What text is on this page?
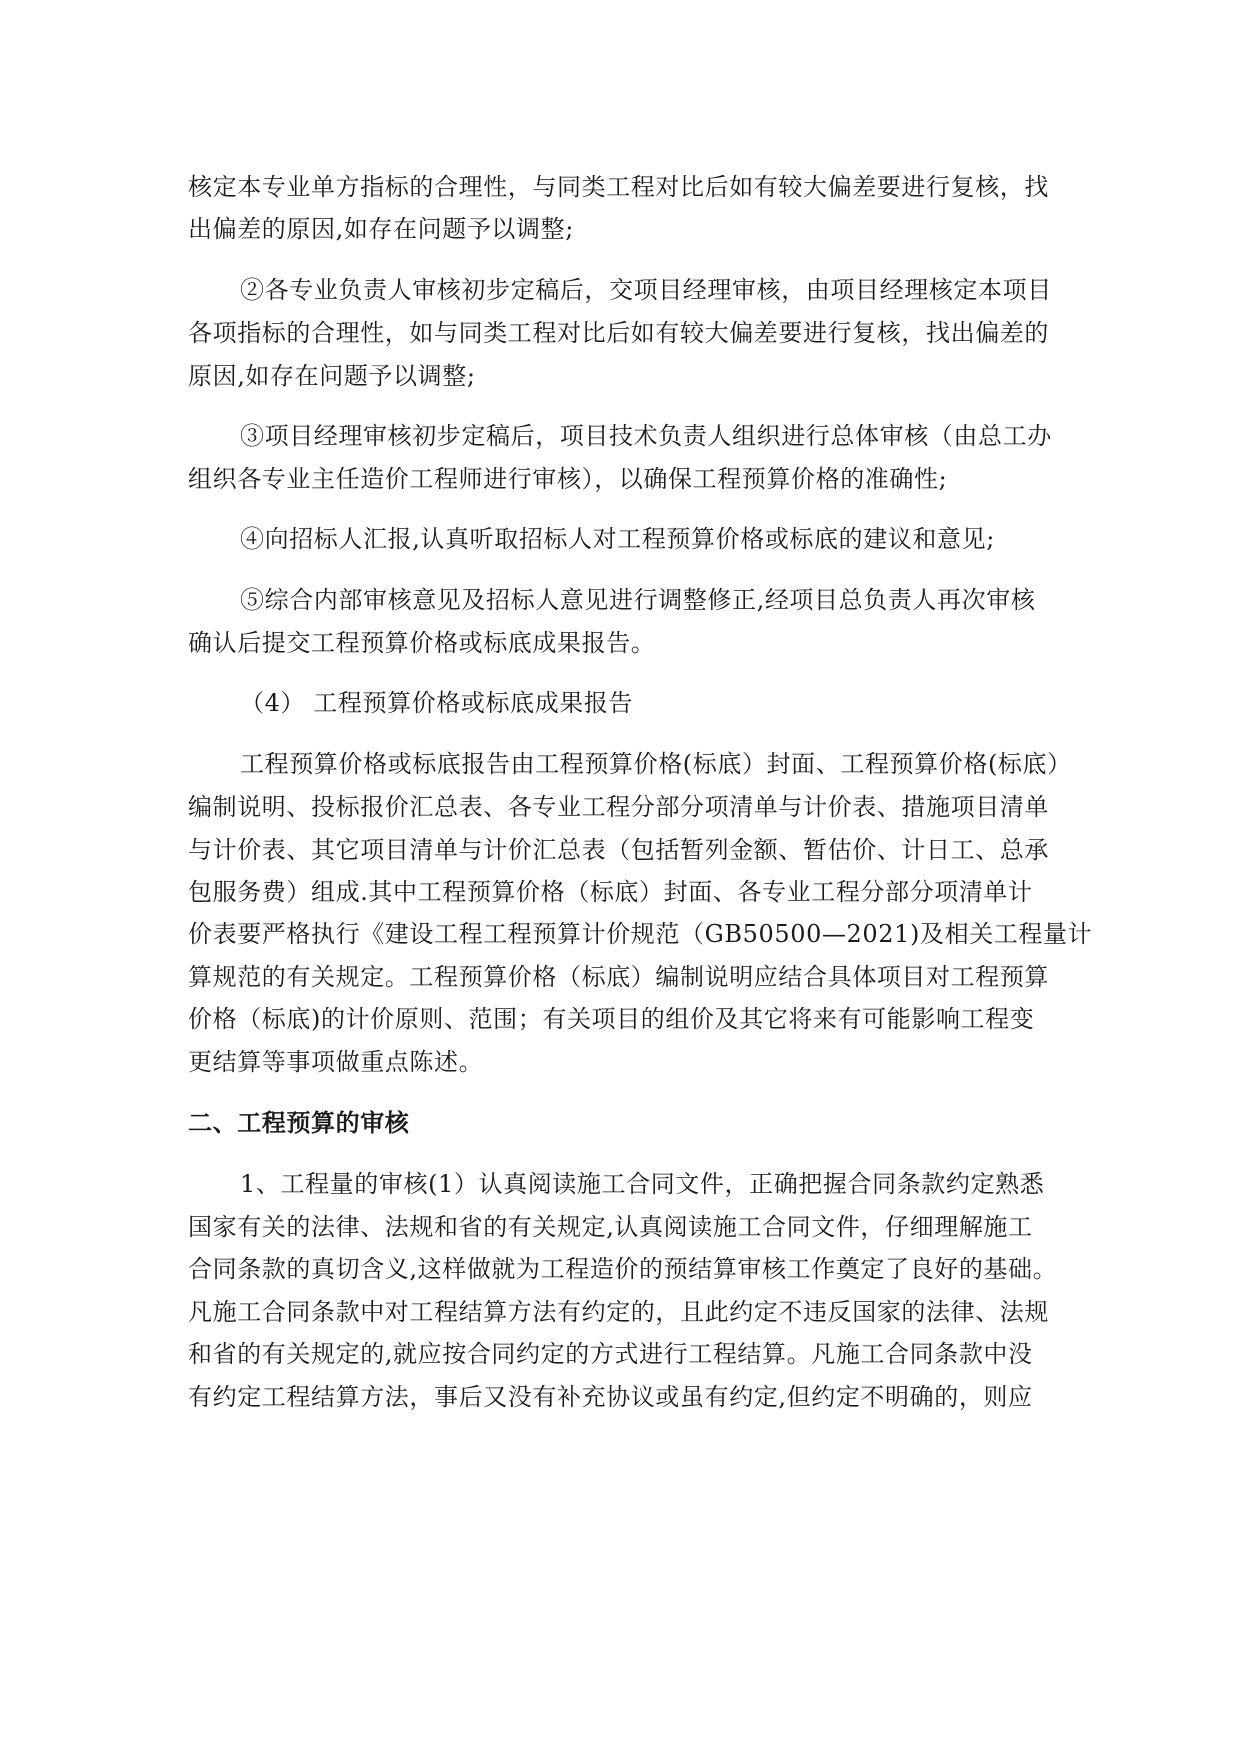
核定本专业单方指标的合理性，与同类工程对比后如有较大偏差要进行复核，找
出偏差的原因,如存在问题予以调整;
②各专业负责人审核初步定稿后，交项目经理审核，由项目经理核定本项目
各项指标的合理性，如与同类工程对比后如有较大偏差要进行复核，找出偏差的
原因,如存在问题予以调整;
③项目经理审核初步定稿后，项目技术负责人组织进行总体审核（由总工办
组织各专业主任造价工程师进行审核），以确保工程预算价格的准确性;
④向招标人汇报,认真听取招标人对工程预算价格或标底的建议和意见;
⑤综合内部审核意见及招标人意见进行调整修正,经项目总负责人再次审核
确认后提交工程预算价格或标底成果报告。
（4） 工程预算价格或标底成果报告
工程预算价格或标底报告由工程预算价格(标底）封面、工程预算价格(标底）
编制说明、投标报价汇总表、各专业工程分部分项清单与计价表、措施项目清单
与计价表、其它项目清单与计价汇总表（包括暂列金额、暂估价、计日工、总承
包服务费）组成.其中工程预算价格（标底）封面、各专业工程分部分项清单计
价表要严格执行《建设工程工程预算计价规范（GB50500—2021)及相关工程量计
算规范的有关规定。工程预算价格（标底）编制说明应结合具体项目对工程预算
价格（标底)的计价原则、范围；有关项目的组价及其它将来有可能影响工程变
更结算等事项做重点陈述。
二、工程预算的审核
1、工程量的审核(1）认真阅读施工合同文件，正确把握合同条款约定熟悉
国家有关的法律、法规和省的有关规定,认真阅读施工合同文件，仔细理解施工
合同条款的真切含义,这样做就为工程造价的预结算审核工作奠定了良好的基础。
凡施工合同条款中对工程结算方法有约定的，且此约定不违反国家的法律、法规
和省的有关规定的,就应按合同约定的方式进行工程结算。凡施工合同条款中没
有约定工程结算方法，事后又没有补充协议或虽有约定,但约定不明确的，则应
